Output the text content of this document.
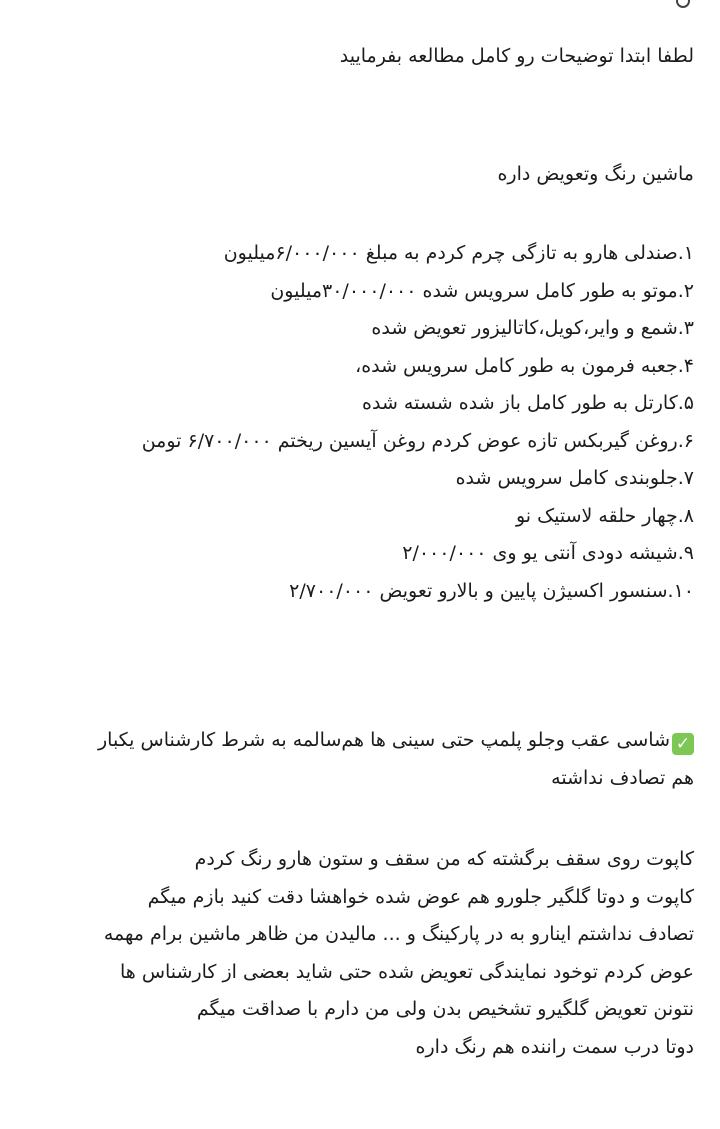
لطفا ابتدا توضیحات رو کامل مطالعه بفرمایید

ماشین رنگ وتعویض داره

۱.صندلی هارو به تازگی چرم کردم به مبلغ ۶/۰۰۰/۰۰۰میلیون

۲.موتو به طور کامل سرویس شده ۳۰/۰۰۰/۰۰۰میلیون

۳.شمع و وایر،کویل،کاتالیزور تعویض شده

۴.جعبه فرمون به طور کامل سرویس شده،

۵.کارتل به طور کامل باز شده شسته شده

۶.روغن گیربکس تازه عوض کردم روغن آیسین ریختم ۶/۷۰۰/۰۰۰ تومن

۷.جلوبندی کامل سرویس شده

۸.چهار حلقه لاستیک نو

۹.شیشه دودی آنتی یو وی ۲/۰۰۰/۰۰۰

۱۰.سنسور اکسیژن پایین و بالارو تعویض ۲/۷۰۰/۰۰۰

✓شاسی عقب وجلو پلمپ حتی سینی ها هم‌سالمه به شرط کارشناس یکبار

هم تصادف نداشته

کاپوت روی سقف برگشته که من سقف و ستون هارو رنگ کردم

کاپوت و دوتا گلگیر جلورو هم عوض شده خواهشا دقت کنید بازم میگم

تصادف نداشتم اینارو به در پارکینگ و ... مالیدن من ظاهر ماشین برام مهمه

عوض کردم توخود نمایندگی تعویض شده حتی شاید بعضی از کارشناس ها

نتونن تعویض گلگیرو تشخیص بدن ولی من دارم با صداقت میگم

دوتا درب سمت راننده هم رنگ داره
